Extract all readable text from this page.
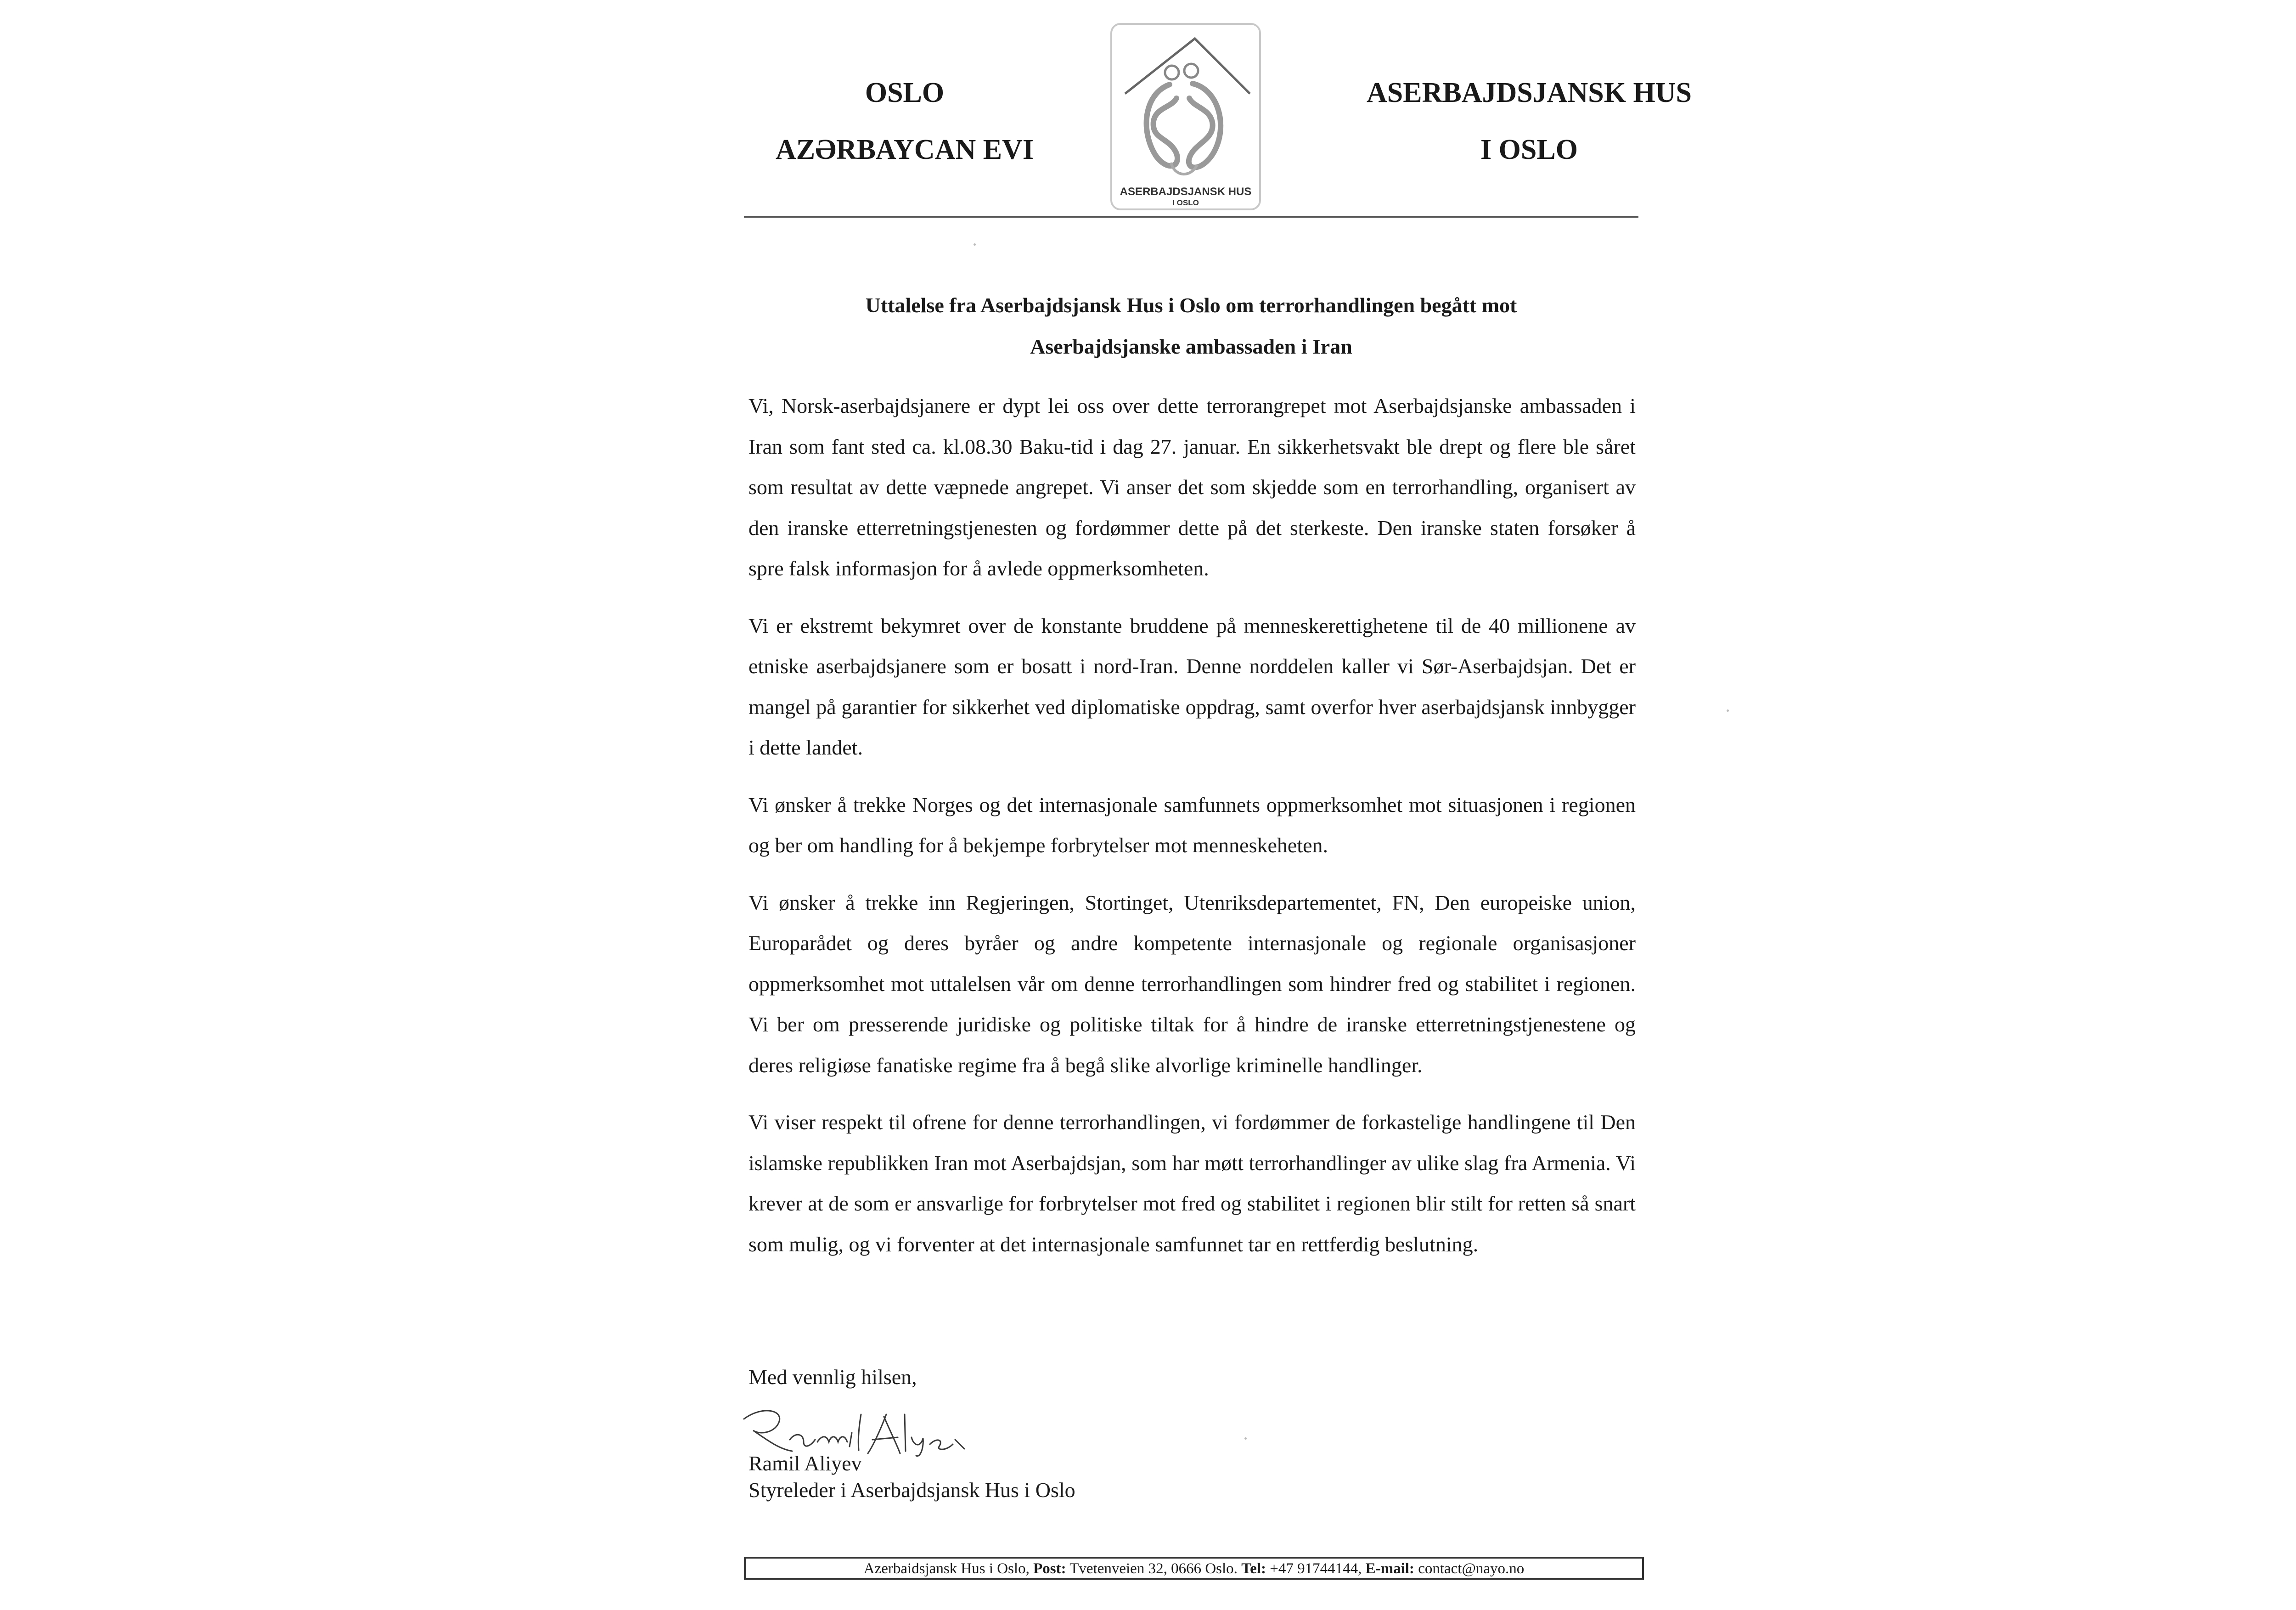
OSLO
AZƏRBAYCAN EVI
ASERBAJDSJANSK HUS
I OSLO
ASERBAJDSJANSK HUS
I OSLO
Uttalelse fra Aserbajdsjansk Hus i Oslo om terrorhandlingen begått mot
Aserbajdsjanske ambassaden i Iran

Vi, Norsk-aserbajdsjanere er dypt lei oss over dette terrorangrepet mot Aserbajdsjanske ambassaden i Iran som fant sted ca. kl.08.30 Baku-tid i dag 27. januar. En sikkerhetsvakt ble drept og flere ble såret som resultat av dette væpnede angrepet. Vi anser det som skjedde som en terrorhandling, organisert av den iranske etterretningstjenesten og fordømmer dette på det sterkeste. Den iranske staten forsøker å spre falsk informasjon for å avlede oppmerksomheten.

Vi er ekstremt bekymret over de konstante bruddene på menneskerettighetene til de 40 millionene av etniske aserbajdsjanere som er bosatt i nord-Iran. Denne norddelen kaller vi Sør-Aserbajdsjan. Det er mangel på garantier for sikkerhet ved diplomatiske oppdrag, samt overfor hver aserbajdsjansk innbygger i dette landet.

Vi ønsker å trekke Norges og det internasjonale samfunnets oppmerksomhet mot situasjonen i regionen og ber om handling for å bekjempe forbrytelser mot menneskeheten.

Vi ønsker å trekke inn Regjeringen, Stortinget, Utenriksdepartementet, FN, Den europeiske union, Europarådet og deres byråer og andre kompetente internasjonale og regionale organisasjoner oppmerksomhet mot uttalelsen vår om denne terrorhandlingen som hindrer fred og stabilitet i regionen. Vi ber om presserende juridiske og politiske tiltak for å hindre de iranske etterretningstjenestene og deres religiøse fanatiske regime fra å begå slike alvorlige kriminelle handlinger.

Vi viser respekt til ofrene for denne terrorhandlingen, vi fordømmer de forkastelige handlingene til Den islamske republikken Iran mot Aserbajdsjan, som har møtt terrorhandlinger av ulike slag fra Armenia. Vi krever at de som er ansvarlige for forbrytelser mot fred og stabilitet i regionen blir stilt for retten så snart som mulig, og vi forventer at det internasjonale samfunnet tar en rettferdig beslutning.

Med vennlig hilsen,
Ramil Aliyev
Styreleder i Aserbajdsjansk Hus i Oslo
Azerbaidsjansk Hus i Oslo, Post: Tvetenveien 32, 0666 Oslo. Tel: +47 91744144, E-mail: contact@nayo.no
